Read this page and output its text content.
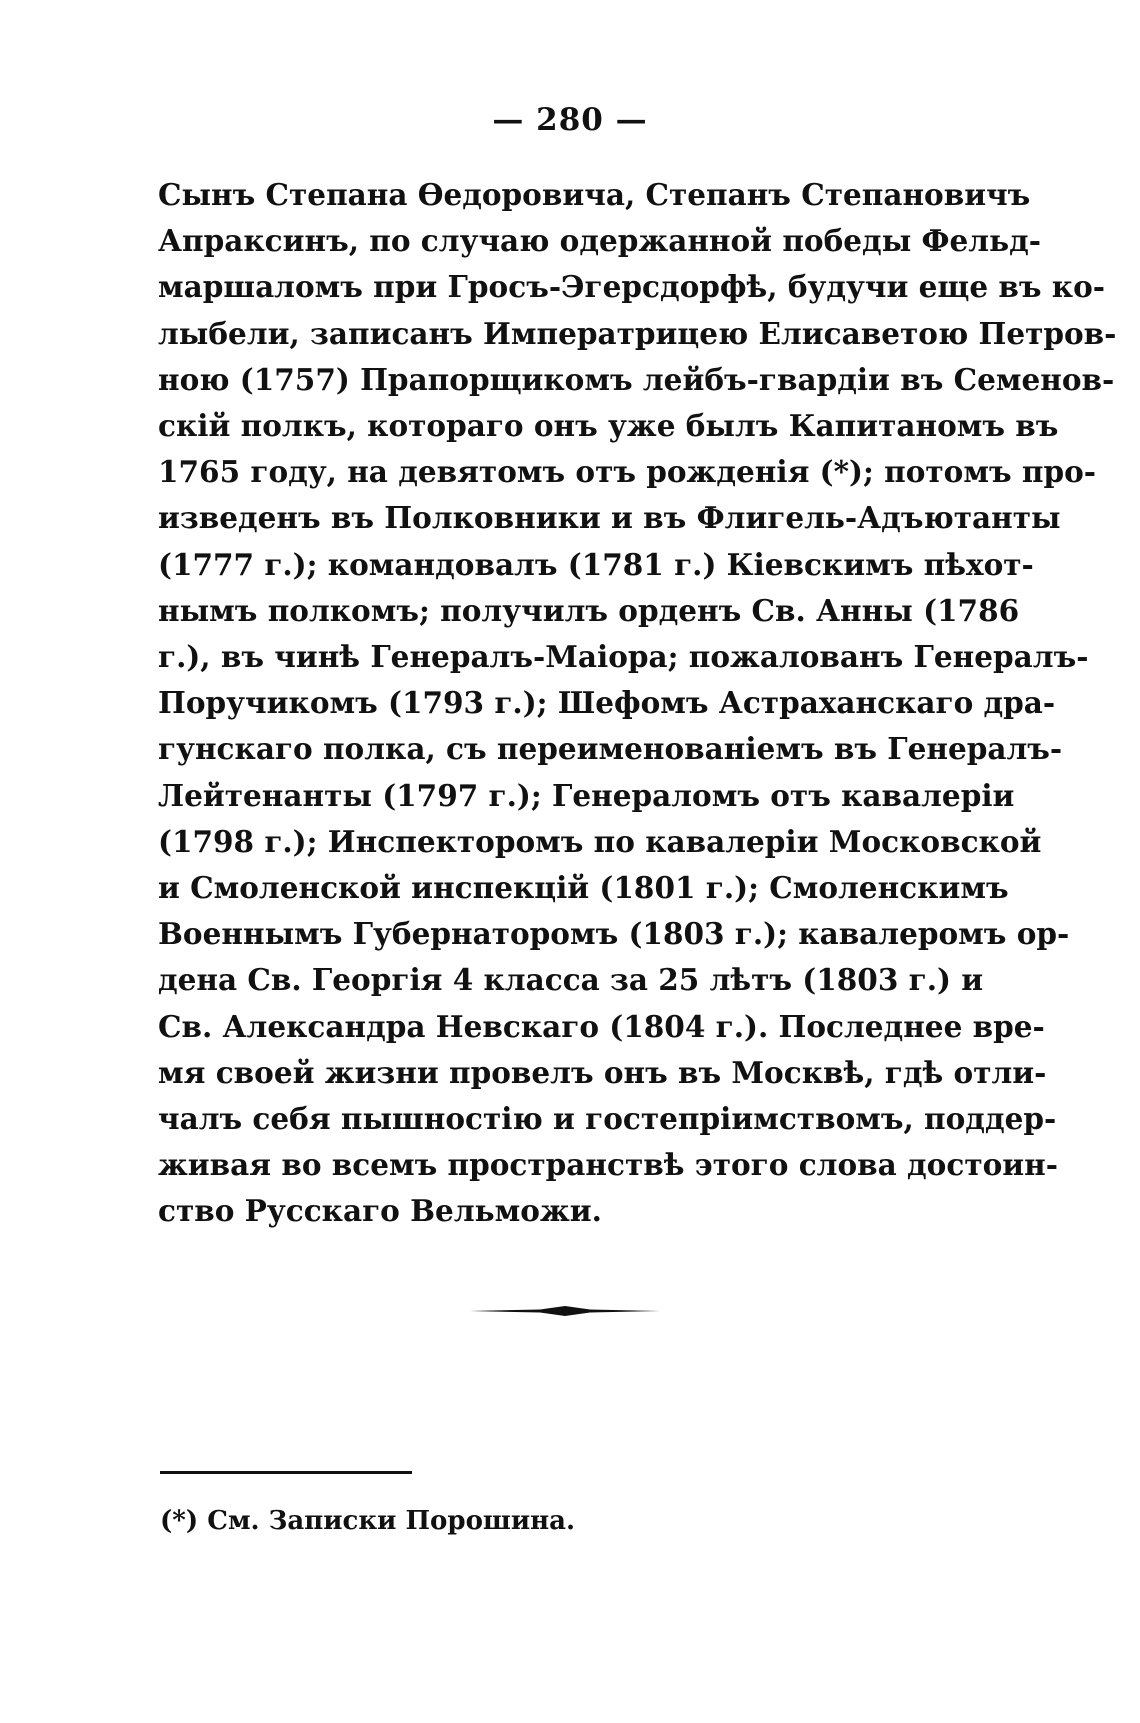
— 280 —
Сынъ Степана Өедоровича, Степанъ Степановичъ
Апраксинъ, по случаю одержанной победы Фельд-
маршаломъ при Гросъ-Эгерсдорфѣ, будучи еще въ ко-
лыбели, записанъ Императрицею Елисаветою Петров-
ною (1757) Прапорщикомъ лейбъ-гвардіи въ Семенов-
скій полкъ, котораго онъ уже былъ Капитаномъ въ
1765 году, на девятомъ отъ рожденія (*); потомъ про-
изведенъ въ Полковники и въ Флигель-Адъютанты
(1777 г.); командовалъ (1781 г.) Кіевскимъ пѣхот-
нымъ полкомъ; получилъ орденъ Св. Анны (1786
г.), въ чинѣ Генералъ-Маіора; пожалованъ Генералъ-
Поручикомъ (1793 г.); Шефомъ Астраханскаго дра-
гунскаго полка, съ переименованіемъ въ Генералъ-
Лейтенанты (1797 г.); Генераломъ отъ кавалеріи
(1798 г.); Инспекторомъ по кавалеріи Московской
и Смоленской инспекцій (1801 г.); Смоленскимъ
Военнымъ Губернаторомъ (1803 г.); кавалеромъ ор-
дена Св. Георгія 4 класса за 25 лѣтъ (1803 г.) и
Св. Александра Невскаго (1804 г.). Последнее вре-
мя своей жизни провелъ онъ въ Москвѣ, гдѣ отли-
чалъ себя пышностію и гостепріимствомъ, поддер-
живая во всемъ пространствѣ этого слова достоин-
ство Русскаго Вельможи.

(*) См. Записки Порошина.
